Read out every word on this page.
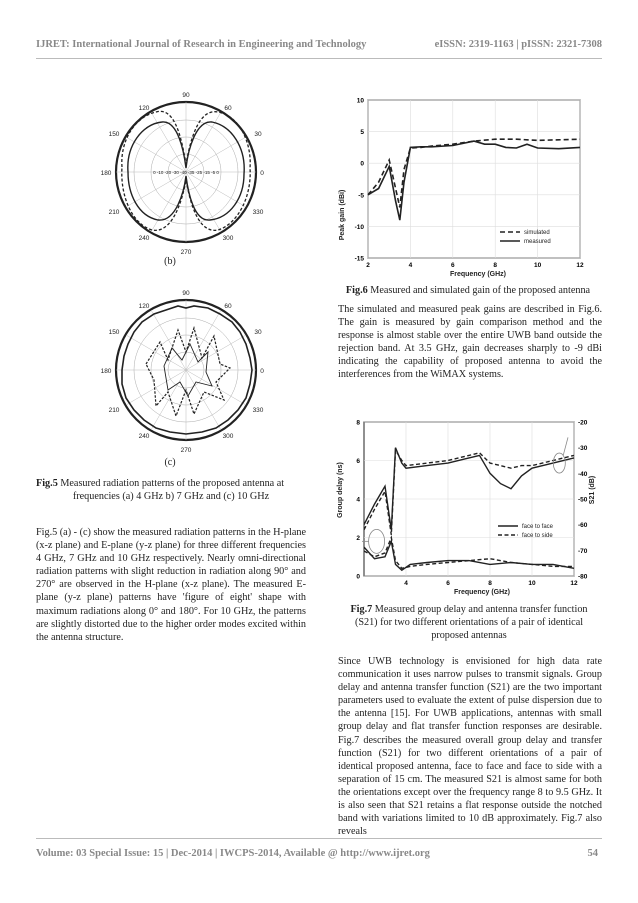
IJRET: International Journal of Research in Engineering and Technology	eISSN: 2319-1163 | pISSN: 2321-7308
90
120	60
150	30
180	0
210	330
240	300
270
0 -10 -20 -30 -40 -35 -25 -15 -5 0
(b)
90
120	60
150	30
180	0
210	330
240	300
270
(c)
Fig.5 Measured radiation patterns of the proposed antenna at

frequencies (a) 4 GHz b) 7 GHz and (c) 10 GHz
Fig.5 (a) - (c) show the measured radiation patterns in the H-plane (x-z plane) and E-plane (y-z plane) for three different frequencies 4 GHz, 7 GHz and 10 GHz respectively. Nearly omni-directional radiation patterns with slight reduction in radiation along 90° and 270° are observed in the H-plane (x-z plane). The measured E-plane (y-z plane) patterns have 'figure of eight' shape with maximum radiations along 0° and 180°. For 10 GHz, the patterns are slightly distorted due to the higher order modes excited within the antenna structure.
Peak gain (dBi)
Frequency (GHz)
10
5
0
-5
-10
-15
2	4	6	8	10	12
simulated
measured
Fig.6 Measured and simulated gain of the proposed antenna
The simulated and measured peak gains are described in Fig.6. The gain is measured by gain comparison method and the response is almost stable over the entire UWB band outside the rejection band. At 3.5 GHz, gain decreases sharply to -9 dBi indicating the capability of proposed antenna to avoid the interferences from the WiMAX systems.
Group delay (ns)
Frequency (GHz)
S21 (dB)
8
6
4
2
0
-20
-30
-40
-50
-60
-70
-80
4	6	8	10	12
face to face
face to side
Fig.7 Measured group delay and antenna transfer function
(S21) for two different orientations of a pair of identical
proposed antennas
Since UWB technology is envisioned for high data rate communication it uses narrow pulses to transmit signals. Group delay and antenna transfer function (S21) are the two important parameters used to evaluate the extent of pulse dispersion due to the antenna [15]. For UWB applications, antennas with small group delay and flat transfer function responses are desirable. Fig.7 describes the measured overall group delay and transfer function (S21) for two different orientations of a pair of identical proposed antenna, face to face and face to side with a separation of 15 cm. The measured S21 is almost same for both the orientations except over the frequency range 8 to 9.5 GHz. It is also seen that S21 retains a flat response outside the notched band with variations limited to 10 dB approximately. Fig.7 also reveals
Volume: 03 Special Issue: 15 | Dec-2014 | IWCPS-2014, Available @ http://www.ijret.org	54
